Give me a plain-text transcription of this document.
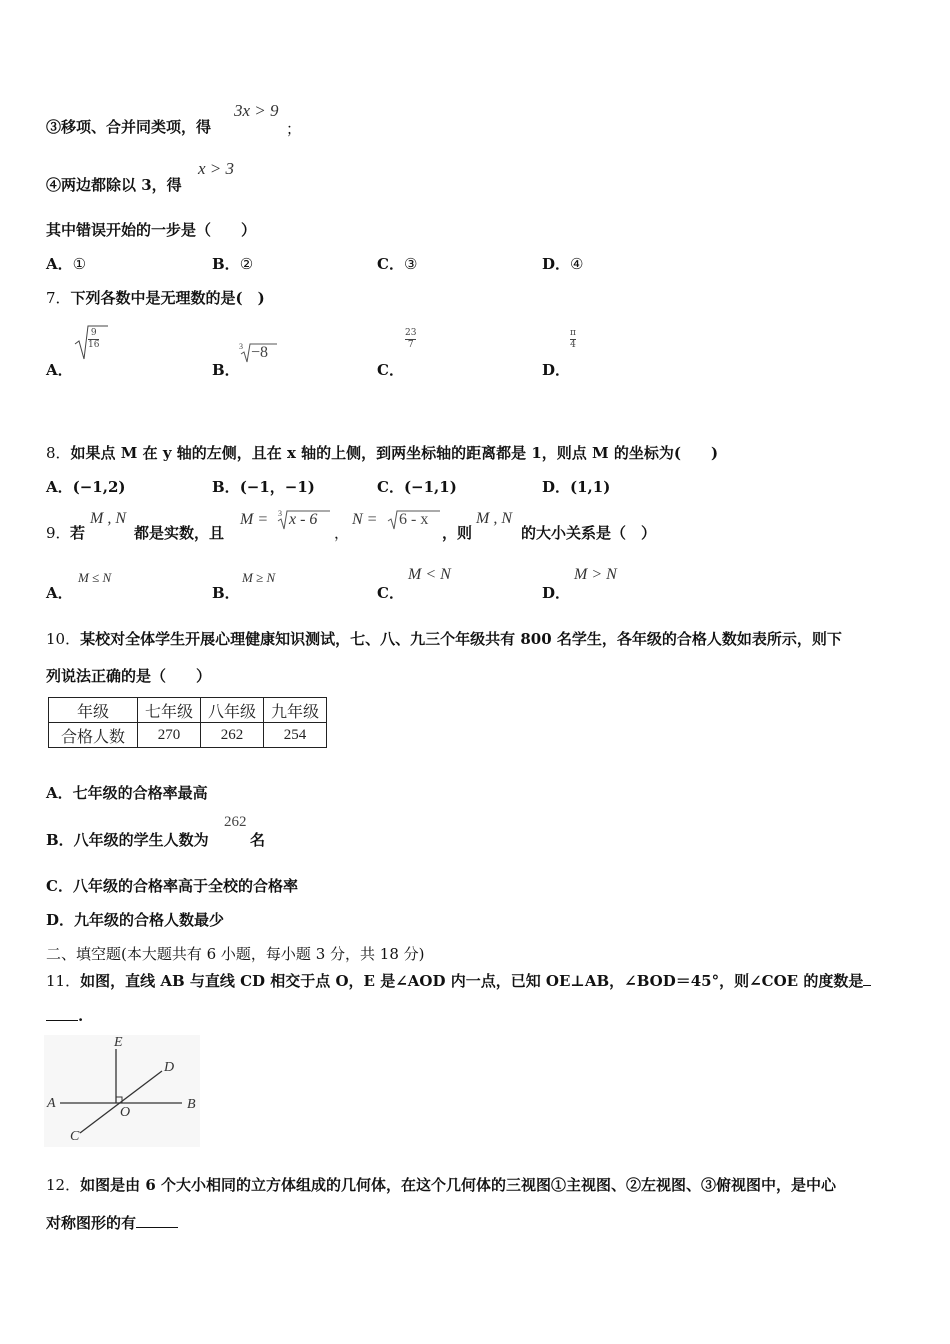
③移项、合并同类项，得
3x > 9
；
④两边都除以 3，得
x > 3
其中错误开始的一步是（　　）
A．①	B．②	C．③	D．④
7．下列各数中是无理数的是(　)
A．
9
16
B．
3 −8
C．
23
7
D．
π
4
8．如果点 M 在 y 轴的左侧，且在 x 轴的上侧，到两坐标轴的距离都是 1，则点 M 的坐标为(　　)
A．(−1,2)	B．(−1，−1)	C．(−1,1)	D．(1,1)
9． 若
M , N
都是实数，且
M = 3 x - 6
，
N = 6 - x
，则
M , N
的大小关系是（　）
A．
M ≤ N
B．
M ≥ N
C．
M < N
D．
M > N
10．某校对全体学生开展心理健康知识测试，七、八、九三个年级共有 800 名学生，各年级的合格人数如表所示，则下
列说法正确的是（　　）
年级	七年级	八年级	九年级
合格人数	270	262	254
A．七年级的合格率最高
B．八年级的学生人数为
262
名
C．八年级的合格率高于全校的合格率
D．九年级的合格人数最少
二、填空题(本大题共有 6 小题，每小题 3 分，共 18 分)
11．如图，直线 AB 与直线 CD 相交于点 O，E 是∠AOD 内一点，已知 OE⊥AB，∠BOD＝45°，则∠COE 的度数是
.
E
D
A
O
B
C
12．如图是由 6 个大小相同的立方体组成的几何体，在这个几何体的三视图①主视图、②左视图、③俯视图中，是中心
对称图形的有
